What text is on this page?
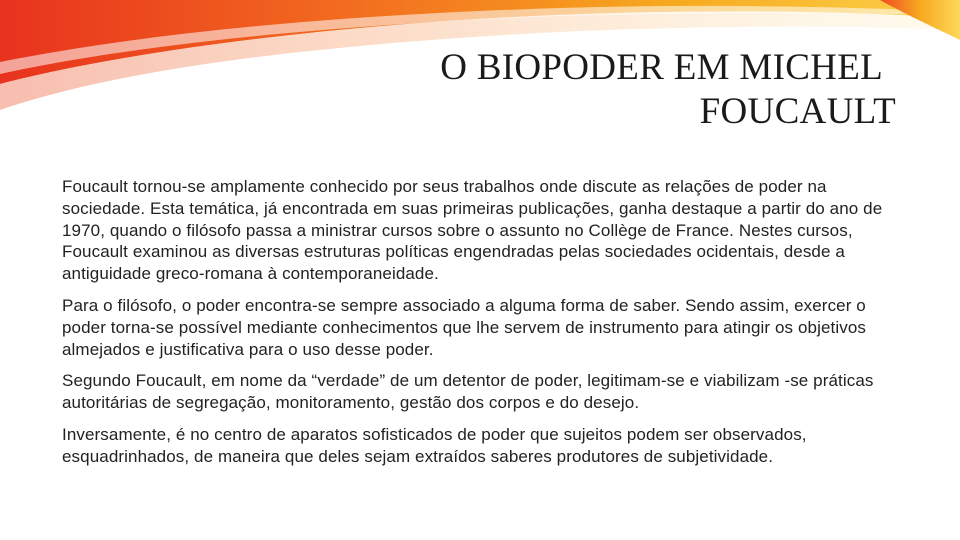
O BIOPODER EM MICHEL
FOUCAULT

Foucault tornou-se amplamente conhecido por seus trabalhos onde discute as relações de poder na sociedade. Esta temática, já encontrada em suas primeiras publicações, ganha destaque a partir do ano de 1970, quando o filósofo passa a ministrar cursos sobre o assunto no Collège de France. Nestes cursos, Foucault examinou as diversas estruturas políticas engendradas pelas sociedades ocidentais, desde a antiguidade greco-romana à contemporaneidade.

Para o filósofo, o poder encontra-se sempre associado a alguma forma de saber. Sendo assim, exercer o poder torna-se possível mediante conhecimentos que lhe servem de instrumento para atingir os objetivos almejados e justificativa para o uso desse poder.

Segundo Foucault, em nome da “verdade” de um detentor de poder, legitimam-se e viabilizam -se práticas autoritárias de segregação, monitoramento, gestão dos corpos e do desejo.

Inversamente, é no centro de aparatos sofisticados de poder que sujeitos podem ser observados, esquadrinhados, de maneira que deles sejam extraídos saberes produtores de subjetividade.
